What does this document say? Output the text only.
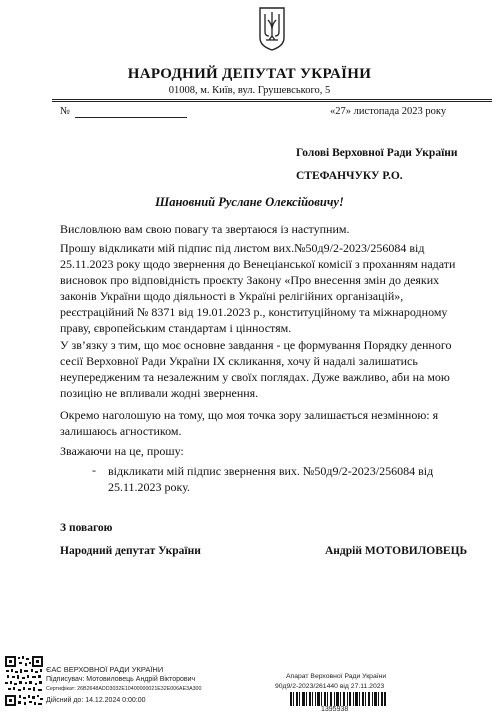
НАРОДНИЙ ДЕПУТАТ УКРАЇНИ
01008, м. Київ, вул. Грушевського, 5
№	«27» листопада 2023 року
Голові Верховної Ради України
СТЕФАНЧУКУ Р.О.
Шановний Руслане Олексійовичу!
Висловлюю вам свою повагу та звертаюся із наступним.
Прошу відкликати мій підпис під листом вих.№50д9/2-2023/256084 від 25.11.2023 року щодо звернення до Венеціанської комісії з проханням надати висновок про відповідність проєкту Закону «Про внесення змін до деяких законів України щодо діяльності в Україні релігійних організацій», реєстраційний № 8371 від 19.01.2023 р., конституційному та міжнародному праву, європейським стандартам і цінностям.
У зв’язку з тим, що моє основне завдання - це формування Порядку денного сесії Верховної Ради України IX скликання, хочу й надалі залишатись неупередженим та незалежним у своїх поглядах. Дуже важливо, аби на мою позицію не впливали жодні звернення.
Окремо наголошую на тому, що моя точка зору залишається незмінною: я залишаюсь агностиком.
Зважаючи на це, прошу:
- відкликати мій підпис звернення вих. №50д9/2-2023/256084 від 25.11.2023 року.
З повагою
Народний депутат України	Андрій МОТОВИЛОВЕЦЬ
ЄАС ВЕРХОВНОЇ РАДИ УКРАЇНИ
Підписувач: Мотовиловець Андрій Вікторович
Сертифікат: 26B2648ADD3032E10400000021E32E006AE3A300
Дійсний до: 14.12.2024 0:00:00
Апарат Верховної Ради України
90д9/2-2023/261440 від 27.11.2023
1395938
